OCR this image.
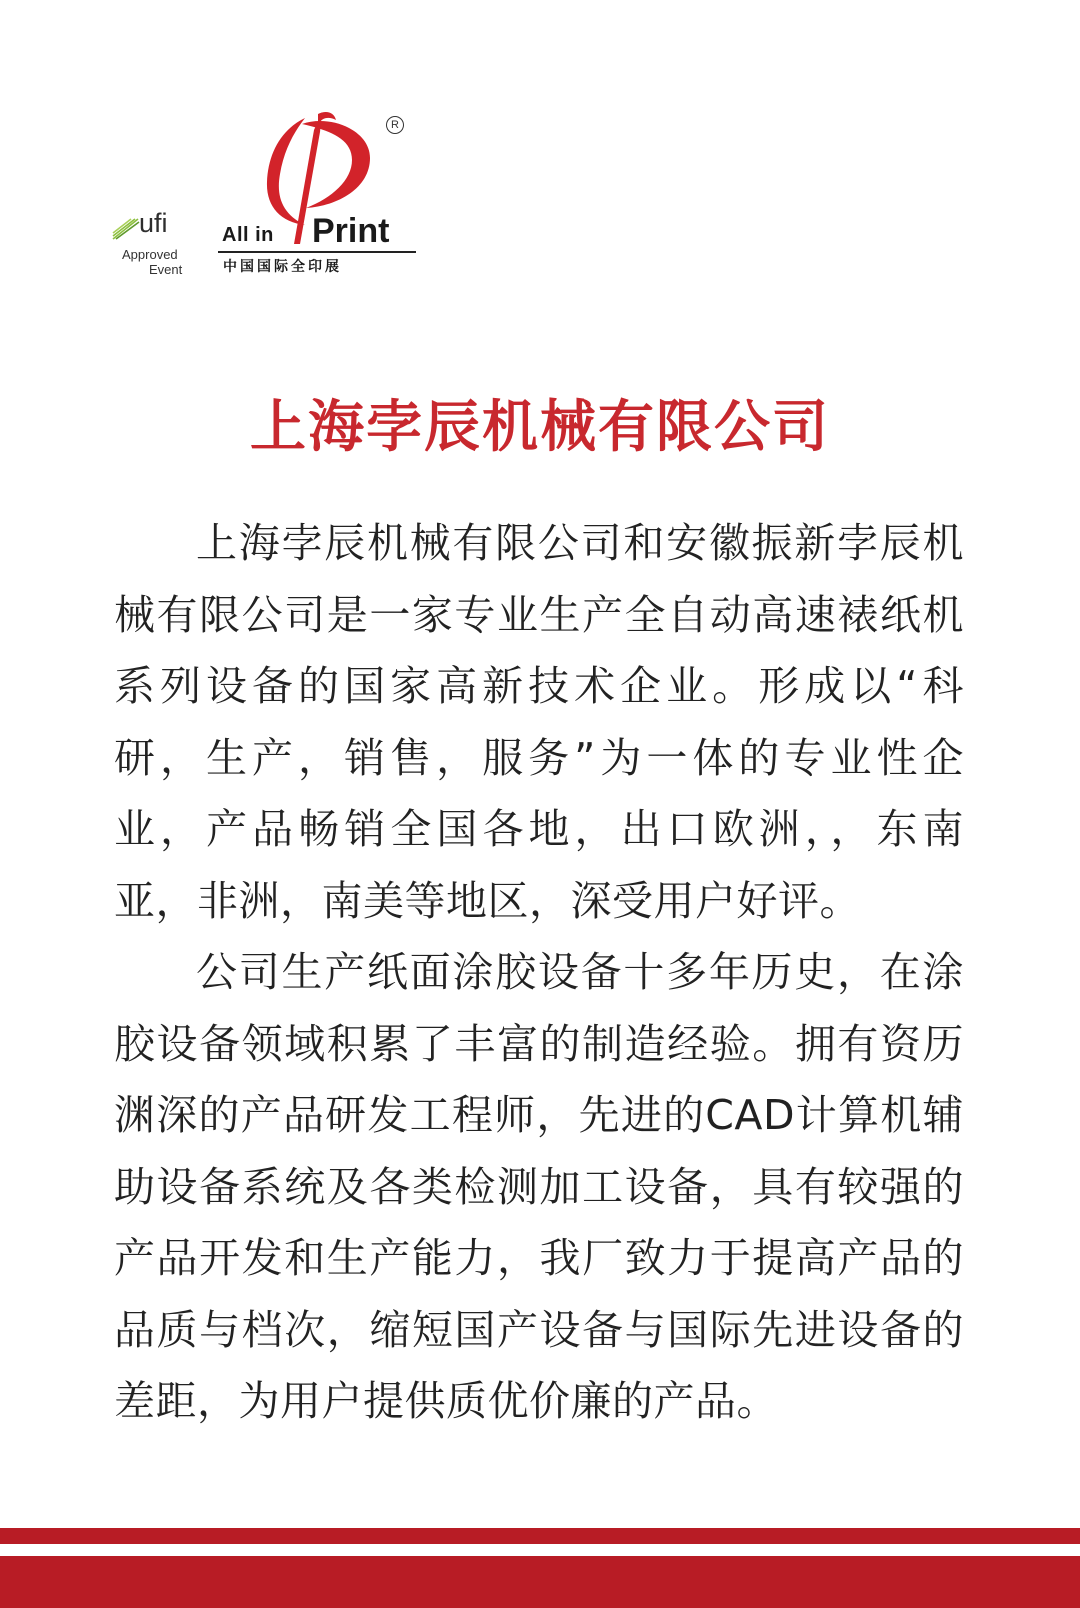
ufi
Approved
Event
R
All in Print
中国国际全印展
上海孛辰机械有限公司

上海孛辰机械有限公司和安徽振新孛辰机械有限公司是一家专业生产全自动高速裱纸机系列设备的国家高新技术企业。形成以“科研，生产，销售，服务”为一体的专业性企业，产品畅销全国各地，出口欧洲，，东南亚，非洲，南美等地区，深受用户好评。

公司生产纸面涂胶设备十多年历史，在涂胶设备领域积累了丰富的制造经验。拥有资历渊深的产品研发工程师，先进的CAD计算机辅助设备系统及各类检测加工设备，具有较强的产品开发和生产能力，我厂致力于提高产品的品质与档次，缩短国产设备与国际先进设备的差距，为用户提供质优价廉的产品。
